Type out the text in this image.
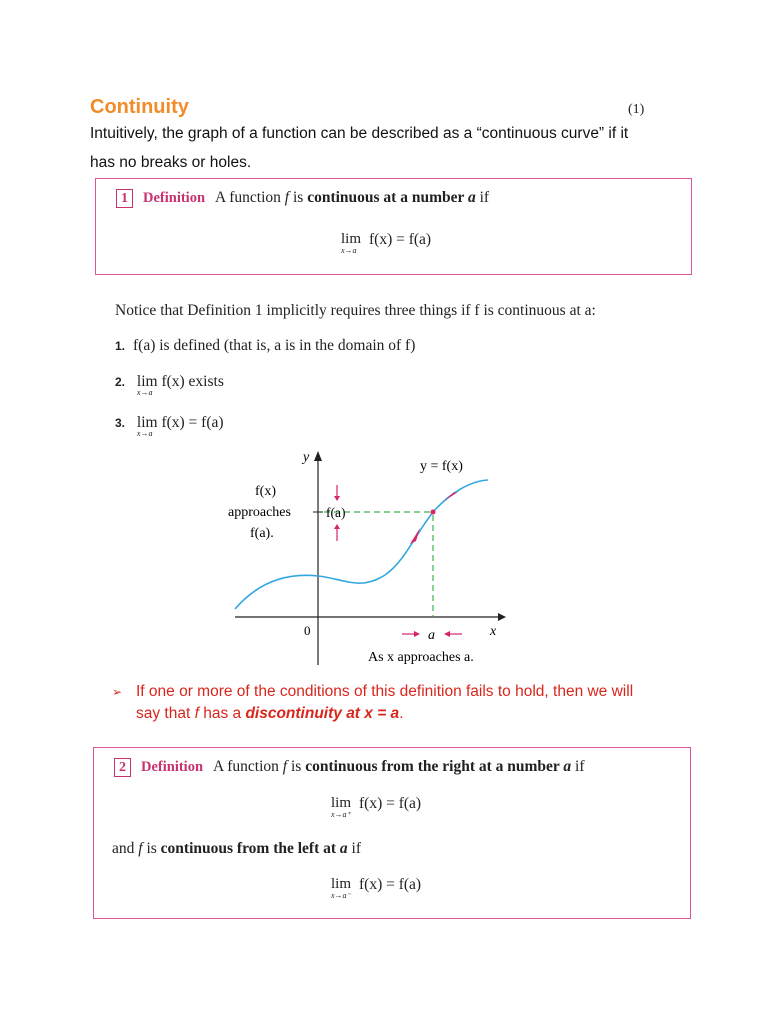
Continuity	(1)
Intuitively, the graph of a function can be described as a “continuous curve” if it
has no breaks or holes.
1 Definition A function f is continuous at a number a if
lim
x→a
f(x) = f(a)
Notice that Definition 1 implicitly requires three things if f is continuous at a:
1. f(a) is defined (that is, a is in the domain of f)
2. lim
x→a
f(x) exists
3. lim
x→a
f(x) = f(a)
y
x
0
y = f(x)
f(a)
a
f(x)
approaches
f(a).
As x approaches a.
➢ If one or more of the conditions of this definition fails to hold, then we will
say that f has a discontinuity at x = a.
2 Definition A function f is continuous from the right at a number a if
lim
x→a⁺
f(x) = f(a)
and f is continuous from the left at a if
lim
x→a⁻
f(x) = f(a)
